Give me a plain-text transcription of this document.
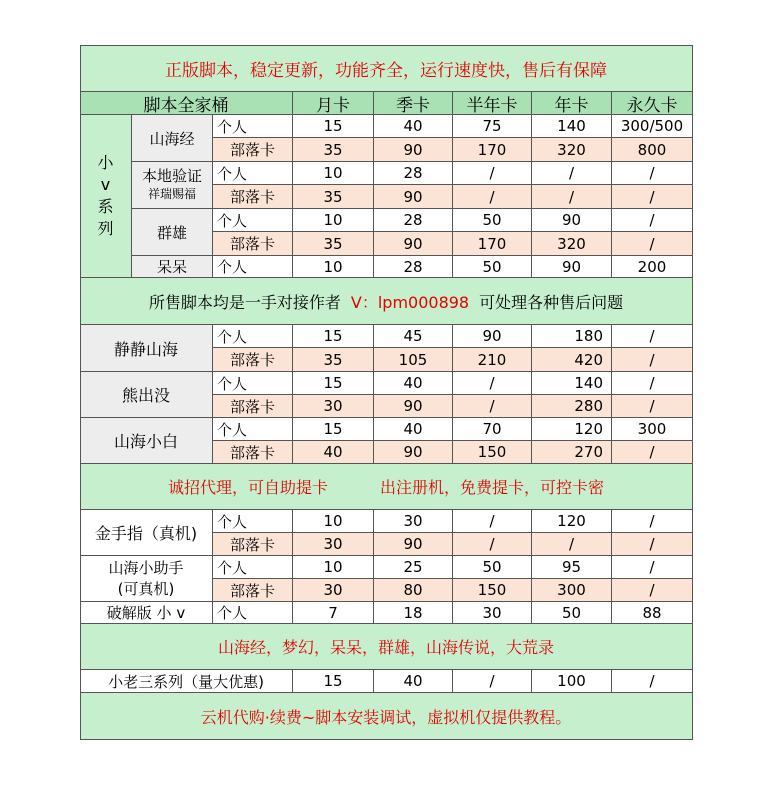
正版脚本，稳定更新，功能齐全，运行速度快，售后有保障
脚本全家桶	月卡	季卡	半年卡	年卡	永久卡
小
v
系
列
山海经
个人	15	40	75	140	300/500
部落卡	35	90	170	320	800
本地验证
祥瑞赐福
个人	10	28	/	/	/
部落卡	35	90	/	/	/
群雄
个人	10	28	50	90	/
部落卡	35	90	170	320	/
呆呆	个人	10	28	50	90	200
所售脚本均是一手对接作者 V：lpm000898 可处理各种售后问题
静静山海
个人	15	45	90	180	/
部落卡	35	105	210	420	/
熊出没
个人	15	40	/	140	/
部落卡	30	90	/	280	/
山海小白
个人	15	40	70	120	300
部落卡	40	90	150	270	/
诚招代理，可自助提卡	出注册机，免费提卡，可控卡密
金手指（真机)
个人	10	30	/	120	/
部落卡	30	90	/	/	/
山海小助手
(可真机)
个人	10	25	50	95	/
部落卡	30	80	150	300	/
破解版 小 v	个人	7	18	30	50	88
山海经，梦幻，呆呆，群雄，山海传说，大荒录
小老三系列（量大优惠)	15	40	/	100	/
云机代购·续费~脚本安装调试，虚拟机仅提供教程。
